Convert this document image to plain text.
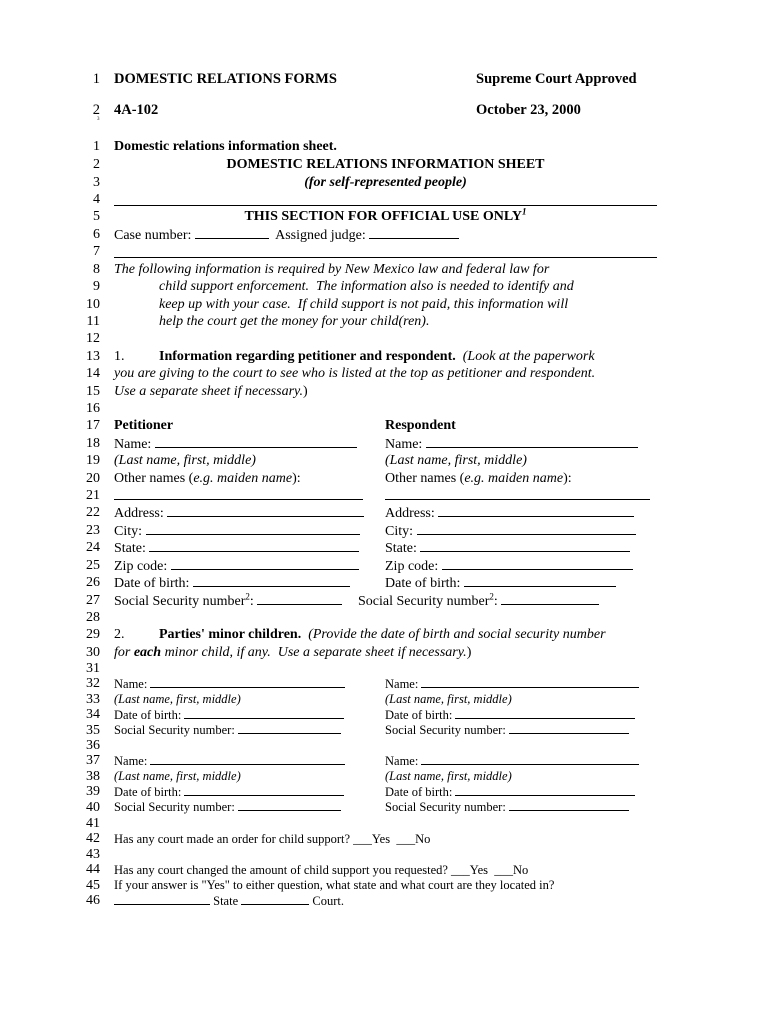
1 DOMESTIC RELATIONS FORMS	Supreme Court Approved
2 4A-102	October 23, 2000
3
1 Domestic relations information sheet.
2	DOMESTIC RELATIONS INFORMATION SHEET
3	(for self-represented people)
4
5	THIS SECTION FOR OFFICIAL USE ONLY$^1$
6 Case number:	Assigned judge:
7
8 The following information is required by New Mexico law and federal law for
9	child support enforcement.  The information also is needed to identify and
10	keep up with your case.  If child support is not paid, this information will
11	help the court get the money for your child(ren).
12
13 1. Information regarding petitioner and respondent. (Look at the paperwork
14 you are giving to the court to see who is listed at the top as petitioner and respondent.
15 Use a separate sheet if necessary.)
16
17 Petitioner	Respondent
18 Name:	Name:
19 (Last name, first, middle)	(Last name, first, middle)
20 Other names (e.g. maiden name):	Other names (e.g. maiden name):
21
22 Address:	Address:
23 City:	City:
24 State:	State:
25 Zip code:	Zip code:
26 Date of birth:	Date of birth:
27 Social Security number$^2$:	Social Security number$^2$:
28
29 2. Parties' minor children. (Provide the date of birth and social security number
30 for each minor child, if any.  Use a separate sheet if necessary.)
31
32 Name:	Name:
33 (Last name, first, middle)	(Last name, first, middle)
34 Date of birth:	Date of birth:
35 Social Security number:	Social Security number:
36
37 Name:	Name:
38 (Last name, first, middle)	(Last name, first, middle)
39 Date of birth:	Date of birth:
40 Social Security number:	Social Security number:
41
42 Has any court made an order for child support? ___Yes  ___No
43
44 Has any court changed the amount of child support you requested? ___Yes  ___No
45 If your answer is "Yes" to either question, what state and what court are they located in?
46	State	Court.
